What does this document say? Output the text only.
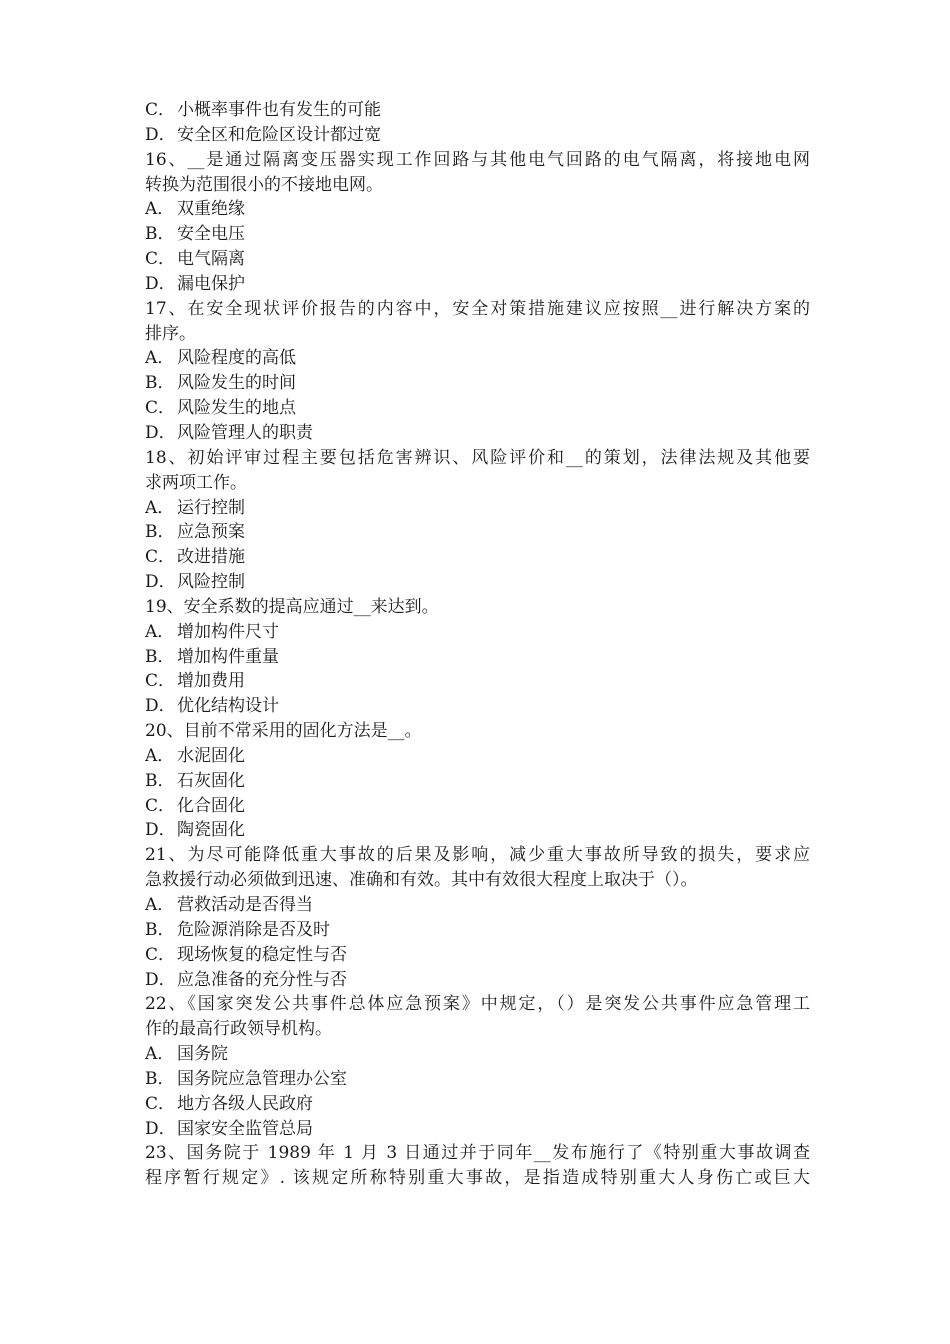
C． 小概率事件也有发生的可能
D．安全区和危险区设计都过宽
16、__是通过隔离变压器实现工作回路与其他电气回路的电气隔离，将接地电网
转换为范围很小的不接地电网。
A． 双重绝缘
B． 安全电压
C． 电气隔离
D．漏电保护
17、在安全现状评价报告的内容中，安全对策措施建议应按照__进行解决方案的
排序。
A． 风险程度的高低
B． 风险发生的时间
C． 风险发生的地点
D．风险管理人的职责
18、初始评审过程主要包括危害辨识、风险评价和__的策划，法律法规及其他要
求两项工作。
A． 运行控制
B． 应急预案
C． 改进措施
D．风险控制
19、安全系数的提高应通过__来达到。
A． 增加构件尺寸
B． 增加构件重量
C． 增加费用
D．优化结构设计
20、目前不常采用的固化方法是__。
A． 水泥固化
B． 石灰固化
C． 化合固化
D．陶瓷固化
21、为尽可能降低重大事故的后果及影响，减少重大事故所导致的损失，要求应
急救援行动必须做到迅速、准确和有效。其中有效很大程度上取决于（）。
A． 营救活动是否得当
B． 危险源消除是否及时
C． 现场恢复的稳定性与否
D．应急准备的充分性与否
22、《国家突发公共事件总体应急预案》中规定，（）是突发公共事件应急管理工
作的最高行政领导机构。
A． 国务院
B． 国务院应急管理办公室
C． 地方各级人民政府
D．国家安全监管总局
23、国务院于 1989 年 1 月 3 日通过并于同年__发布施行了《特别重大事故调查
程序暂行规定》. 该规定所称特别重大事故，是指造成特别重大人身伤亡或巨大
